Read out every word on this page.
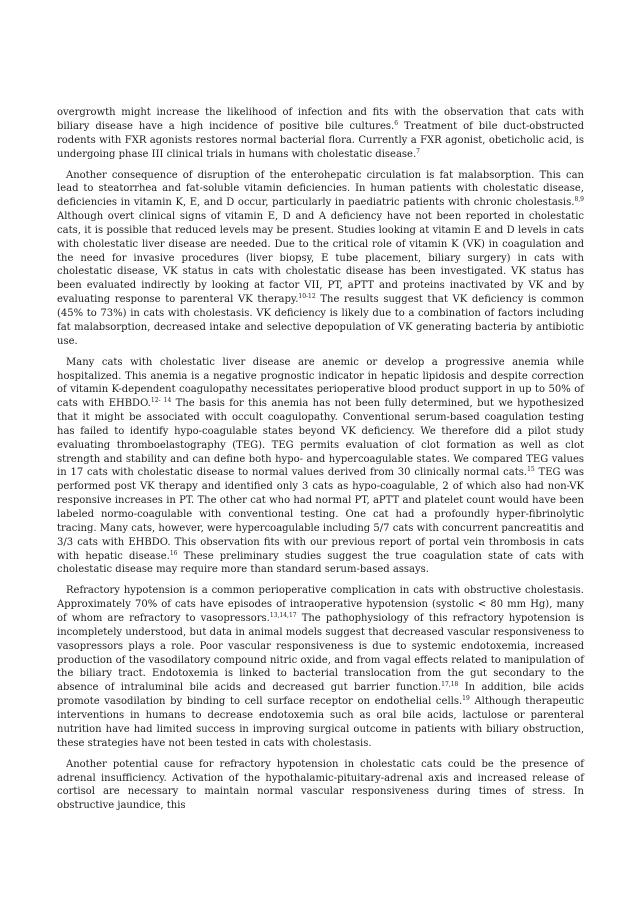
overgrowth might increase the likelihood of infection and fits with the observation that cats with biliary disease have a high incidence of positive bile cultures.$^6$ Treatment of bile duct-obstructed rodents with FXR agonists restores normal bacterial flora. Currently a FXR agonist, obeticholic acid, is undergoing phase III clinical trials in humans with cholestatic disease.$^7$

Another consequence of disruption of the enterohepatic circulation is fat malabsorption. This can lead to steatorrhea and fat-soluble vitamin deficiencies. In human patients with cholestatic disease, deficiencies in vitamin K, E, and D occur, particularly in paediatric patients with chronic cholestasis.$^{8,9}$ Although overt clinical signs of vitamin E, D and A deficiency have not been reported in cholestatic cats, it is possible that reduced levels may be present. Studies looking at vitamin E and D levels in cats with cholestatic liver disease are needed. Due to the critical role of vitamin K (VK) in coagulation and the need for invasive procedures (liver biopsy, E tube placement, biliary surgery) in cats with cholestatic disease, VK status in cats with cholestatic disease has been investigated. VK status has been evaluated indirectly by looking at factor VII, PT, aPTT and proteins inactivated by VK and by evaluating response to parenteral VK therapy.$^{10-12}$ The results suggest that VK deficiency is common (45% to 73%) in cats with cholestasis. VK deficiency is likely due to a combination of factors including fat malabsorption, decreased intake and selective depopulation of VK generating bacteria by antibiotic use.

Many cats with cholestatic liver disease are anemic or develop a progressive anemia while hospitalized. This anemia is a negative prognostic indicator in hepatic lipidosis and despite correction of vitamin K-dependent coagulopathy necessitates perioperative blood product support in up to 50% of cats with EHBDO.$^{12- 14}$ The basis for this anemia has not been fully determined, but we hypothesized that it might be associated with occult coagulopathy. Conventional serum-based coagulation testing has failed to identify hypo-coagulable states beyond VK deficiency. We therefore did a pilot study evaluating thromboelastography (TEG). TEG permits evaluation of clot formation as well as clot strength and stability and can define both hypo- and hypercoagulable states. We compared TEG values in 17 cats with cholestatic disease to normal values derived from 30 clinically normal cats.$^{15}$ TEG was performed post VK therapy and identified only 3 cats as hypo-coagulable, 2 of which also had non-VK responsive increases in PT. The other cat who had normal PT, aPTT and platelet count would have been labeled normo-coagulable with conventional testing. One cat had a profoundly hyper-fibrinolytic tracing. Many cats, however, were hypercoagulable including 5/7 cats with concurrent pancreatitis and 3/3 cats with EHBDO. This observation fits with our previous report of portal vein thrombosis in cats with hepatic disease.$^{16}$ These preliminary studies suggest the true coagulation state of cats with cholestatic disease may require more than standard serum-based assays.

Refractory hypotension is a common perioperative complication in cats with obstructive cholestasis. Approximately 70% of cats have episodes of intraoperative hypotension (systolic < 80 mm Hg), many of whom are refractory to vasopressors.$^{13,14,17}$ The pathophysiology of this refractory hypotension is incompletely understood, but data in animal models suggest that decreased vascular responsiveness to vasopressors plays a role. Poor vascular responsiveness is due to systemic endotoxemia, increased production of the vasodilatory compound nitric oxide, and from vagal effects related to manipulation of the biliary tract. Endotoxemia is linked to bacterial translocation from the gut secondary to the absence of intraluminal bile acids and decreased gut barrier function.$^{17,18}$ In addition, bile acids promote vasodilation by binding to cell surface receptor on endothelial cells.$^{19}$ Although therapeutic interventions in humans to decrease endotoxemia such as oral bile acids, lactulose or parenteral nutrition have had limited success in improving surgical outcome in patients with biliary obstruction, these strategies have not been tested in cats with cholestasis.

Another potential cause for refractory hypotension in cholestatic cats could be the presence of adrenal insufficiency. Activation of the hypothalamic-pituitary-adrenal axis and increased release of cortisol are necessary to maintain normal vascular responsiveness during times of stress. In obstructive jaundice, this
